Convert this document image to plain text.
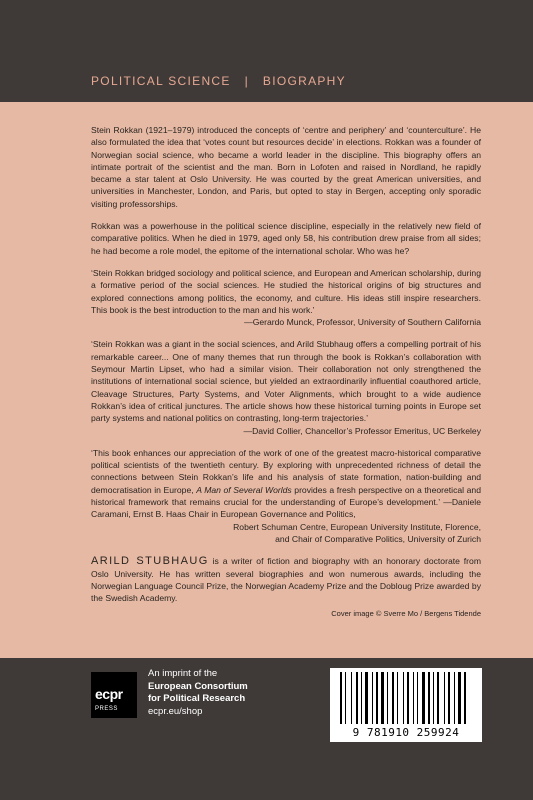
POLITICAL SCIENCE   |   BIOGRAPHY

Stein Rokkan (1921–1979) introduced the concepts of ‘centre and periphery’ and ‘counterculture’. He also formulated the idea that ‘votes count but resources decide’ in elections. Rokkan was a founder of Norwegian social science, who became a world leader in the discipline. This biography offers an intimate portrait of the scientist and the man. Born in Lofoten and raised in Nordland, he rapidly became a star talent at Oslo University. He was courted by the great American universities, and universities in Manchester, London, and Paris, but opted to stay in Bergen, accepting only sporadic visiting professorships.

Rokkan was a powerhouse in the political science discipline, especially in the relatively new field of comparative politics. When he died in 1979, aged only 58, his contribution drew praise from all sides; he had become a role model, the epitome of the international scholar. Who was he?

‘Stein Rokkan bridged sociology and political science, and European and American scholarship, during a formative period of the social sciences. He studied the historical origins of big structures and explored connections among politics, the economy, and culture. His ideas still inspire researchers. This book is the best introduction to the man and his work.’

—Gerardo Munck, Professor, University of Southern California

‘Stein Rokkan was a giant in the social sciences, and Arild Stubhaug offers a compelling portrait of his remarkable career... One of many themes that run through the book is Rokkan’s collaboration with Seymour Martin Lipset, who had a similar vision. Their collaboration not only strengthened the institutions of international social science, but yielded an extraordinarily influential coauthored article, Cleavage Structures, Party Systems, and Voter Alignments, which brought to a wide audience Rokkan’s idea of critical junctures. The article shows how these historical turning points in Europe set party systems and national politics on contrasting, long-term trajectories.’
—David Collier, Chancellor’s Professor Emeritus, UC Berkeley

‘This book enhances our appreciation of the work of one of the greatest macro-historical comparative political scientists of the twentieth century. By exploring with unprecedented richness of detail the connections between Stein Rokkan’s life and his analysis of state formation, nation-building and democratisation in Europe, A Man of Several Worlds provides a fresh perspective on a theoretical and historical framework that remains crucial for the understanding of Europe’s development.’ —Daniele Caramani, Ernst B. Haas Chair in European Governance and Politics,

Robert Schuman Centre, European University Institute, Florence,

and Chair of Comparative Politics, University of Zurich

ARILD STUBHAUG is a writer of fiction and biography with an honorary doctorate from Oslo University. He has written several biographies and won numerous awards, including the Norwegian Language Council Prize, the Norwegian Academy Prize and the Dobloug Prize awarded by the Swedish Academy.

Cover image © Sverre Mo / Bergens Tidende
ecpr
PRESS
An imprint of the
European Consortium
for Political Research
ecpr.eu/shop
9 781910 259924
